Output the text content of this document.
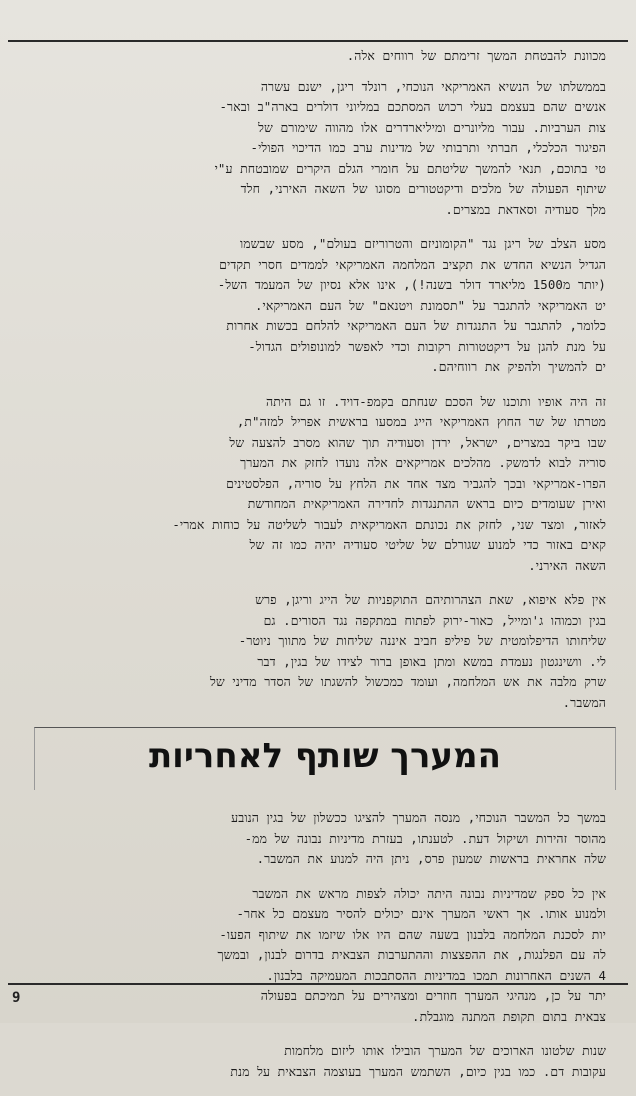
מכוונת להבטחת המשך זרימתם של רווחים אלה.

בממשלתו של הנשיא האמריקאי הנוכחי, רונלד ריגן, ישנם עשרה
אנשים שהם בעצמם בעלי רכוש המסתכם במליוני דולרים בארה"ב ובאר-
צות הערביות. עבור מליונרים ומיליארדרים אלו מהווה שימורם של
הפיגור הכלכלי, חברתי ותרבותי של מדינות ערב כמו הדיכוי הפולי-
טי בתוכם, תנאי להמשך שליטתם על חומרי הגלם היקרים שמובטחת ע"י
שיתוף הפעולה של מלכים ודיקטטורים מסוגו של השאה האירני, חלד
מלך סעודיה וסאדאת במצרים.

מסע הצלב של ריגן נגד "הקומוניזם והטרוריזם בעולם", מסע שבשמו
הגדיל הנשיא החדש את תקציב המלחמה האמריקאי לממדים חסרי תקדים
(יותר מ1500 מליארד דולר בשנה!), אינו אלא נסיון של המעמד השל-
יט האמריקאי להתגבר על "תסמונת ויטנאם" של העם האמריקאי.
כלומר, להתגבר על התנגדות של העם האמריקאי להלחם בכשות אחרות
על מנת להגן על דיקטטורות רקובות וכדי לאפשר למונופולים הגדול-
ים להמשיך ולהפיק את רווחיהם.

זה היה אופיו ותוכנו של הסכם שנחתם בקמפ-דויד. זו גם היתה
מטרתו של שר החוץ האמריקאי הייג במסעו בראשית אפריל למזה"ת,
שבו ביקר במצרים, ישראל, ירדן וסעודיה תוך שהוא מסרב להצעה של
סוריה לבוא לדמשק. מהלכים אמריקאים אלה נועדו לחזק את המערך
הפרו-אמריקאי ובכך להגביר מצד אחד את הלחץ על סוריה, הפלסטינים
ואירן שעומדים כיום בראש ההתנגדות לחדירה האמריקאית המחודשת
לאזור, ומצד שני, לחזק את נכונתם האמריקאית לעבור לשליטה על כוחות אמרי-
קאים באזור כדי למנוע שגורלם של שליטי סעודיה יהיה כמו זה של
השאה האירני.

אין פלא איפוא, שאת הצהרותיהם התוקפניות של הייג וריגן, פרש
בגין וכמוהו ג'ומייל, כאור-ירוק לפתוח במתקפה נגד הסורים. גם
שליחותו הדיפלומטית של פיליפ חביב איננה שליחות של מתווך ניוטר-
לי. וושינגטון נעמדת במשא ומתן באופן ברור לצידו של בגין, דבר
שרק מלבה את אש המלחמה, ועומד כמכשול להשגתו של הסדר מדיני של
המשבר.

המערך שותף לאחריות

במשך כל המשבר הנוכחי, מנסה המערך להציגו ככשלון של בגין הנובע
מהוסר זהירות ושיקול דעת. לטענתו, בעזרת מדיניות נבונה של ממ-
שלה אחראית בראשות שמעון פרס, ניתן היה למנוע את המשבר.

אין כל ספק שמדיניות נבונה היתה יכולה לצפות מראש את המשבר
ולמנוע אותו. אך ראשי המערך אינם יכולים להסיר מעצמם כל אחר-
יות לסכנת המלחמה בלבנון בשעה שהם היו אלו שיזמו את שיתוף הפעו-
לה עם הפלנגות, את ההפצצות וההתערבות הצבאית בדרום לבנון, ובמשך
4 השנים האחרונות תמכו במדיניות ההסתבכות המעמיקה בלבנון.
יתר על כן, מנהיגי המערך חוזרים ומצהירים על תמיכתם בפעולה
צבאית בתום תקופת המתנה מוגבלת.

שנות שלטונו הארוכים של המערך הובילו אותו ליזום מלחמות
עקובות דם. כמו בגין כיום, השתמש המערך בעוצמה הצבאית על מנת

9
